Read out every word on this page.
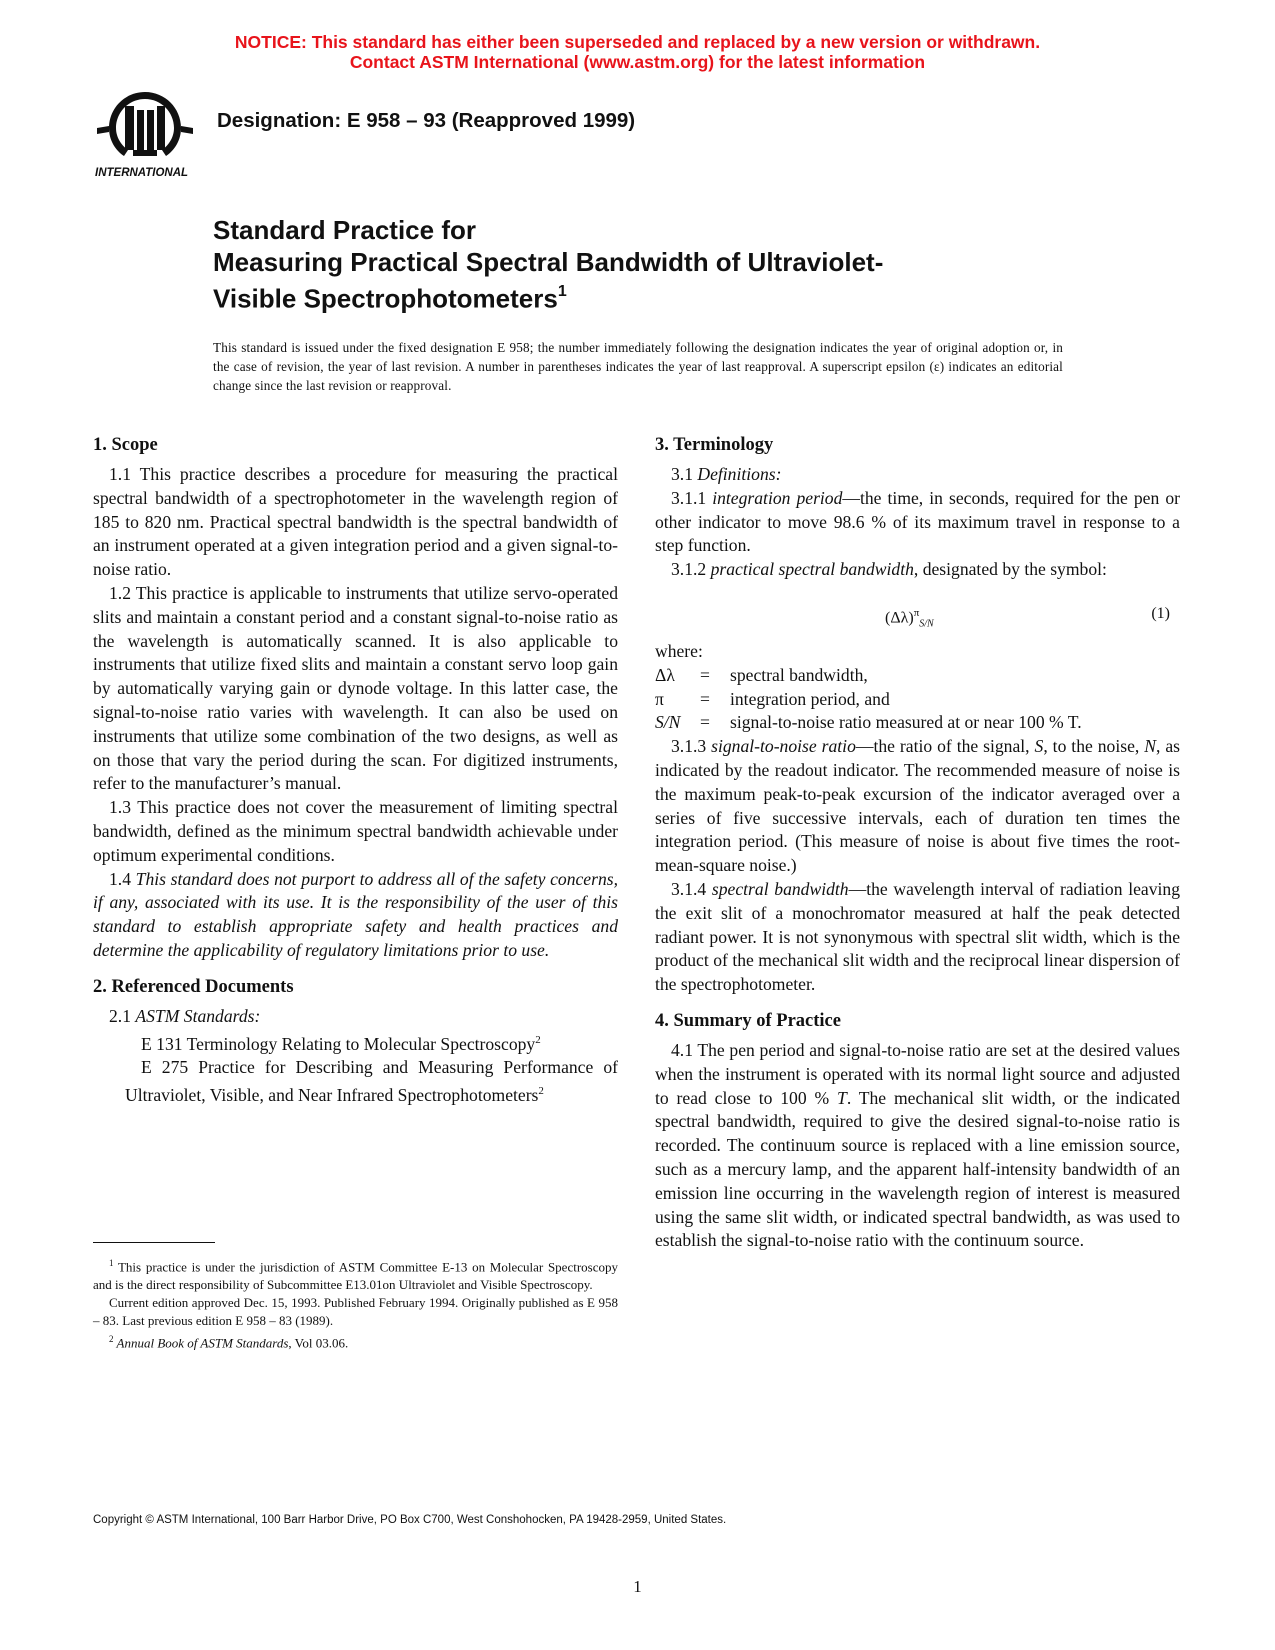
NOTICE: This standard has either been superseded and replaced by a new version or withdrawn.
Contact ASTM International (www.astm.org) for the latest information
INTERNATIONAL
Designation: E 958 – 93 (Reapproved 1999)
Standard Practice for
Measuring Practical Spectral Bandwidth of Ultraviolet-
Visible Spectrophotometers$^1$
This standard is issued under the fixed designation E 958; the number immediately following the designation indicates the year of original adoption or, in the case of revision, the year of last revision. A number in parentheses indicates the year of last reapproval. A superscript epsilon (ε) indicates an editorial change since the last revision or reapproval.
1. Scope

1.1 This practice describes a procedure for measuring the practical spectral bandwidth of a spectrophotometer in the wavelength region of 185 to 820 nm. Practical spectral bandwidth is the spectral bandwidth of an instrument operated at a given integration period and a given signal-to-noise ratio.

1.2 This practice is applicable to instruments that utilize servo-operated slits and maintain a constant period and a constant signal-to-noise ratio as the wavelength is automatically scanned. It is also applicable to instruments that utilize fixed slits and maintain a constant servo loop gain by automatically varying gain or dynode voltage. In this latter case, the signal-to-noise ratio varies with wavelength. It can also be used on instruments that utilize some combination of the two designs, as well as on those that vary the period during the scan. For digitized instruments, refer to the manufacturer’s manual.

1.3 This practice does not cover the measurement of limiting spectral bandwidth, defined as the minimum spectral bandwidth achievable under optimum experimental conditions.

1.4 This standard does not purport to address all of the safety concerns, if any, associated with its use. It is the responsibility of the user of this standard to establish appropriate safety and health practices and determine the applicability of regulatory limitations prior to use.

2. Referenced Documents

2.1 ASTM Standards:

E 131 Terminology Relating to Molecular Spectroscopy$^2$

E 275 Practice for Describing and Measuring Performance of Ultraviolet, Visible, and Near Infrared Spectrophotometers$^2$

$^1$ This practice is under the jurisdiction of ASTM Committee E-13 on Molecular Spectroscopy and is the direct responsibility of Subcommittee E13.01on Ultraviolet and Visible Spectroscopy.

Current edition approved Dec. 15, 1993. Published February 1994. Originally published as E 958 – 83. Last previous edition E 958 – 83 (1989).

$^2$ Annual Book of ASTM Standards, Vol 03.06.

3. Terminology

3.1 Definitions:

3.1.1 integration period—the time, in seconds, required for the pen or other indicator to move 98.6 % of its maximum travel in response to a step function.

3.1.2 practical spectral bandwidth, designated by the symbol:

$(\Delta\lambda)^\pi_{S/N}$
(1)

where:

Δλ	=	spectral bandwidth,
π	=	integration period, and
S/N	=	signal-to-noise ratio measured at or near 100 % T.

3.1.3 signal-to-noise ratio—the ratio of the signal, S, to the noise, N, as indicated by the readout indicator. The recommended measure of noise is the maximum peak-to-peak excursion of the indicator averaged over a series of five successive intervals, each of duration ten times the integration period. (This measure of noise is about five times the root-mean-square noise.)

3.1.4 spectral bandwidth—the wavelength interval of radiation leaving the exit slit of a monochromator measured at half the peak detected radiant power. It is not synonymous with spectral slit width, which is the product of the mechanical slit width and the reciprocal linear dispersion of the spectrophotometer.

4. Summary of Practice

4.1 The pen period and signal-to-noise ratio are set at the desired values when the instrument is operated with its normal light source and adjusted to read close to 100 % T. The mechanical slit width, or the indicated spectral bandwidth, required to give the desired signal-to-noise ratio is recorded. The continuum source is replaced with a line emission source, such as a mercury lamp, and the apparent half-intensity bandwidth of an emission line occurring in the wavelength region of interest is measured using the same slit width, or indicated spectral bandwidth, as was used to establish the signal-to-noise ratio with the continuum source.

Copyright © ASTM International, 100 Barr Harbor Drive, PO Box C700, West Conshohocken, PA 19428-2959, United States.
1
